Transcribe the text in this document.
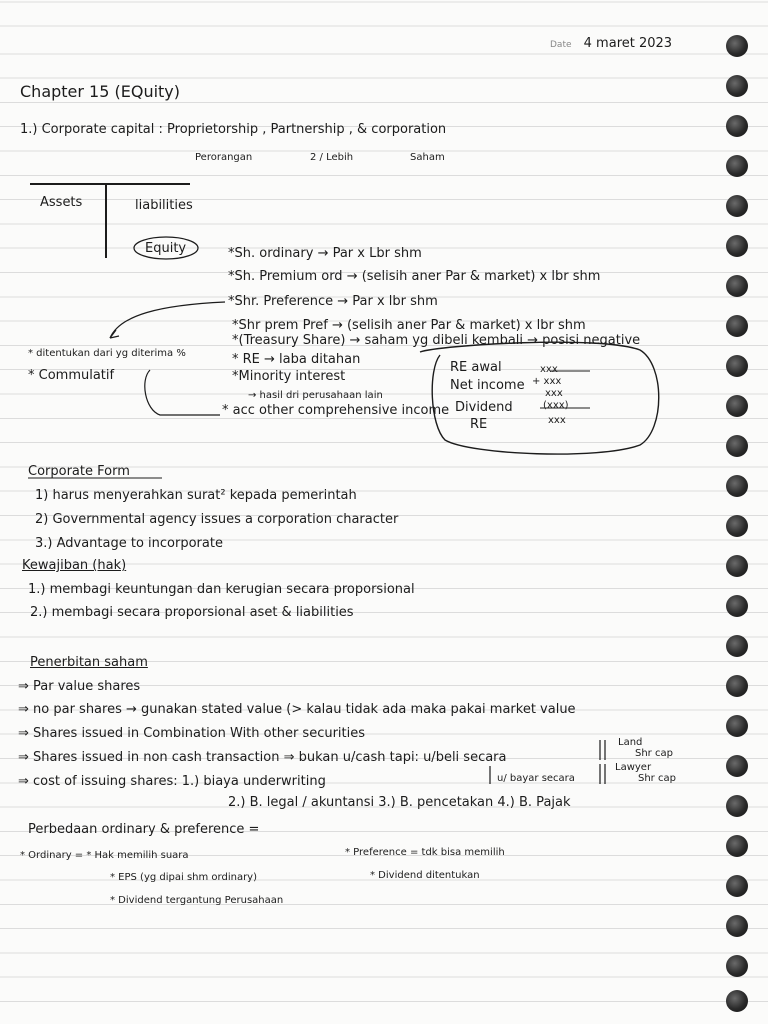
Date 4 maret 2023
Chapter 15 (EQuity)
1.) Corporate capital : Proprietorship , Partnership , & corporation
Perorangan	2 / Lebih	Saham
Assets	liabilities
Equity	*Sh. ordinary → Par x Lbr shm
*Sh. Premium ord → (selisih aner Par & market) x lbr shm
*Shr. Preference → Par x lbr shm
*Shr prem Pref → (selisih aner Par & market) x lbr shm
*(Treasury Share) → saham yg dibeli kembali → posisi negative
* RE → laba ditahan
*Minority interest
→ hasil dri perusahaan lain
* acc other comprehensive income
* ditentukan dari yg diterima %
* Commulatif
RE awal	xxx
Net income + xxx
xxx
Dividend	(xxx)
RE	xxx
Corporate Form
1) harus menyerahkan surat² kepada pemerintah
2) Governmental agency issues a corporation character
3.) Advantage to incorporate
Kewajiban (hak)
1.) membagi keuntungan dan kerugian secara proporsional
2.) membagi secara proporsional aset & liabilities
Penerbitan saham
⇒ Par value shares
⇒ no par shares → gunakan stated value (> kalau tidak ada maka pakai market value
⇒ Shares issued in Combination With other securities
⇒ Shares issued in non cash transaction ⇒ bukan u/cash tapi: u/beli secara
⇒ cost of issuing shares: 1.) biaya underwriting
2.) B. legal / akuntansi 3.) B. pencetakan 4.) B. Pajak
u/ bayar secara
Land
Shr cap
Lawyer
Shr cap
Perbedaan ordinary & preference =
* Ordinary = * Hak memilih suara
* EPS (yg dipai shm ordinary)
* Dividend tergantung Perusahaan
* Preference = tdk bisa memilih
* Dividend ditentukan
